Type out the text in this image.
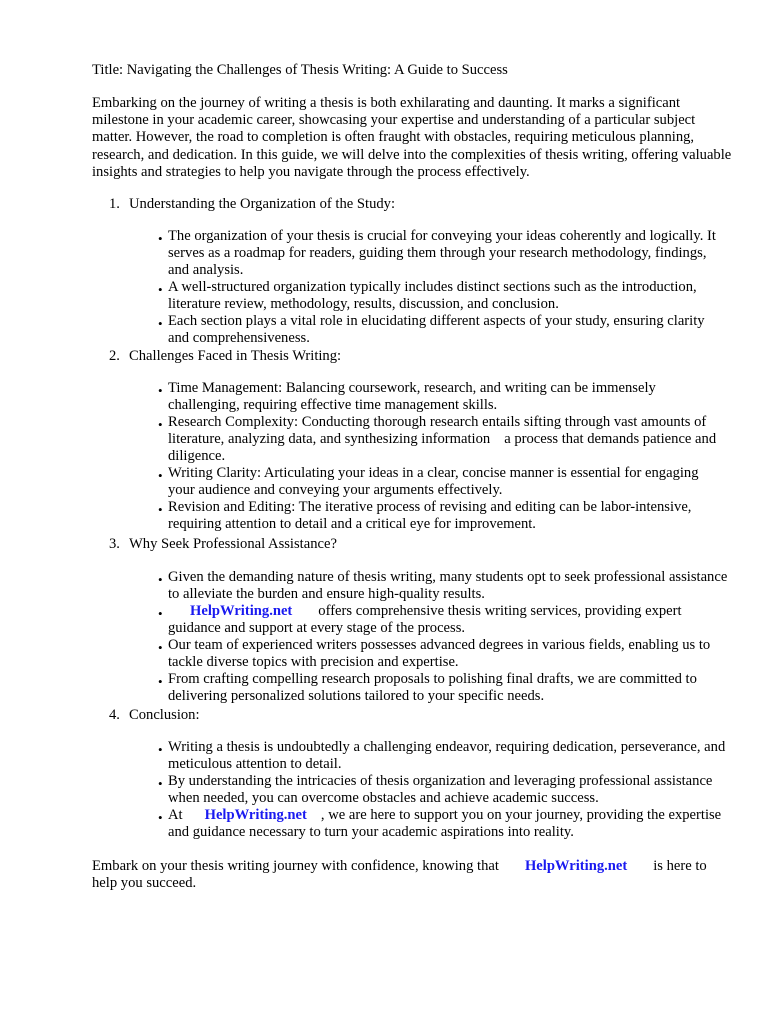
Title: Navigating the Challenges of Thesis Writing: A Guide to Success

Embarking on the journey of writing a thesis is both exhilarating and daunting. It marks a significant milestone in your academic career, showcasing your expertise and understanding of a particular subject matter. However, the road to completion is often fraught with obstacles, requiring meticulous planning, research, and dedication. In this guide, we will delve into the complexities of thesis writing, offering valuable insights and strategies to help you navigate through the process effectively.

1. Understanding the Organization of the Study:
• The organization of your thesis is crucial for conveying your ideas coherently and logically. It serves as a roadmap for readers, guiding them through your research methodology, findings, and analysis.
• A well-structured organization typically includes distinct sections such as the introduction, literature review, methodology, results, discussion, and conclusion.
• Each section plays a vital role in elucidating different aspects of your study, ensuring clarity and comprehensiveness.
2. Challenges Faced in Thesis Writing:
• Time Management: Balancing coursework, research, and writing can be immensely challenging, requiring effective time management skills.
• Research Complexity: Conducting thorough research entails sifting through vast amounts of literature, analyzing data, and synthesizing information a process that demands patience and diligence.
• Writing Clarity: Articulating your ideas in a clear, concise manner is essential for engaging your audience and conveying your arguments effectively.
• Revision and Editing: The iterative process of revising and editing can be labor-intensive, requiring attention to detail and a critical eye for improvement.
3. Why Seek Professional Assistance?
• Given the demanding nature of thesis writing, many students opt to seek professional assistance to alleviate the burden and ensure high-quality results.
•	HelpWriting.net offers comprehensive thesis writing services, providing expert guidance and support at every stage of the process.
• Our team of experienced writers possesses advanced degrees in various fields, enabling us to tackle diverse topics with precision and expertise.
• From crafting compelling research proposals to polishing final drafts, we are committed to delivering personalized solutions tailored to your specific needs.
4. Conclusion:
• Writing a thesis is undoubtedly a challenging endeavor, requiring dedication, perseverance, and meticulous attention to detail.
• By understanding the intricacies of thesis organization and leveraging professional assistance when needed, you can overcome obstacles and achieve academic success.
• At HelpWriting.net , we are here to support you on your journey, providing the expertise and guidance necessary to turn your academic aspirations into reality.

Embark on your thesis writing journey with confidence, knowing that HelpWriting.net is here to help you succeed.
